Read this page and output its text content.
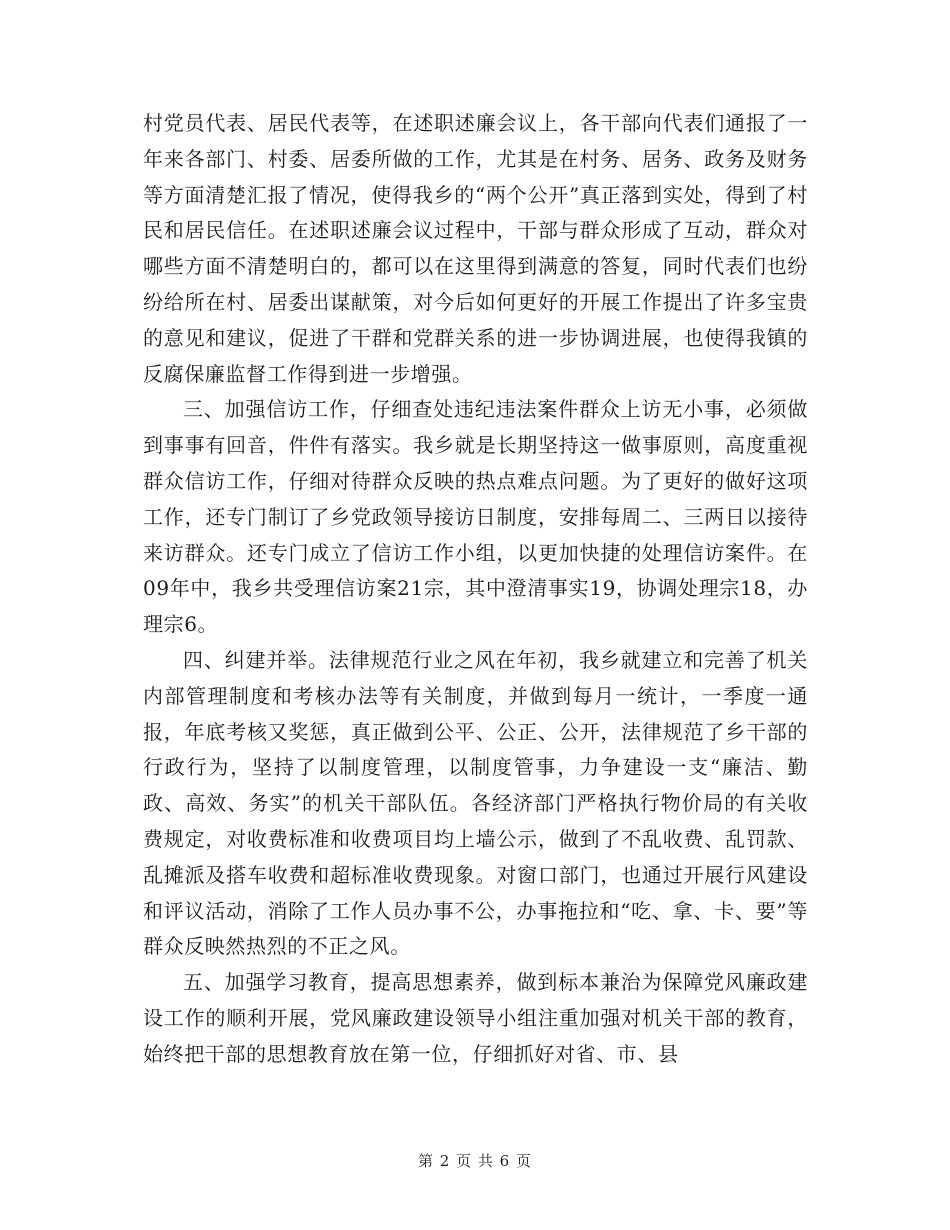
村党员代表、居民代表等，在述职述廉会议上，各干部向代表们通报了一年来各部门、村委、居委所做的工作，尤其是在村务、居务、政务及财务等方面清楚汇报了情况，使得我乡的“两个公开”真正落到实处，得到了村民和居民信任。在述职述廉会议过程中，干部与群众形成了互动，群众对哪些方面不清楚明白的，都可以在这里得到满意的答复，同时代表们也纷纷给所在村、居委出谋献策，对今后如何更好的开展工作提出了许多宝贵的意见和建议，促进了干群和党群关系的进一步协调进展，也使得我镇的反腐保廉监督工作得到进一步增强。

三、加强信访工作，仔细查处违纪违法案件群众上访无小事，必须做到事事有回音，件件有落实。我乡就是长期坚持这一做事原则，高度重视群众信访工作，仔细对待群众反映的热点难点问题。为了更好的做好这项工作，还专门制订了乡党政领导接访日制度，安排每周二、三两日以接待来访群众。还专门成立了信访工作小组，以更加快捷的处理信访案件。在09年中，我乡共受理信访案21宗，其中澄清事实19，协调处理宗18，办理宗6。

四、纠建并举。法律规范行业之风在年初，我乡就建立和完善了机关内部管理制度和考核办法等有关制度，并做到每月一统计，一季度一通报，年底考核又奖惩，真正做到公平、公正、公开，法律规范了乡干部的行政行为，坚持了以制度管理，以制度管事，力争建设一支“廉洁、勤政、高效、务实”的机关干部队伍。各经济部门严格执行物价局的有关收费规定，对收费标准和收费项目均上墙公示，做到了不乱收费、乱罚款、乱摊派及搭车收费和超标准收费现象。对窗口部门，也通过开展行风建设和评议活动，消除了工作人员办事不公，办事拖拉和“吃、拿、卡、要”等群众反映然热烈的不正之风。

五、加强学习教育，提高思想素养，做到标本兼治为保障党风廉政建设工作的顺利开展，党风廉政建设领导小组注重加强对机关干部的教育，始终把干部的思想教育放在第一位，仔细抓好对省、市、县

第 2 页 共 6 页
